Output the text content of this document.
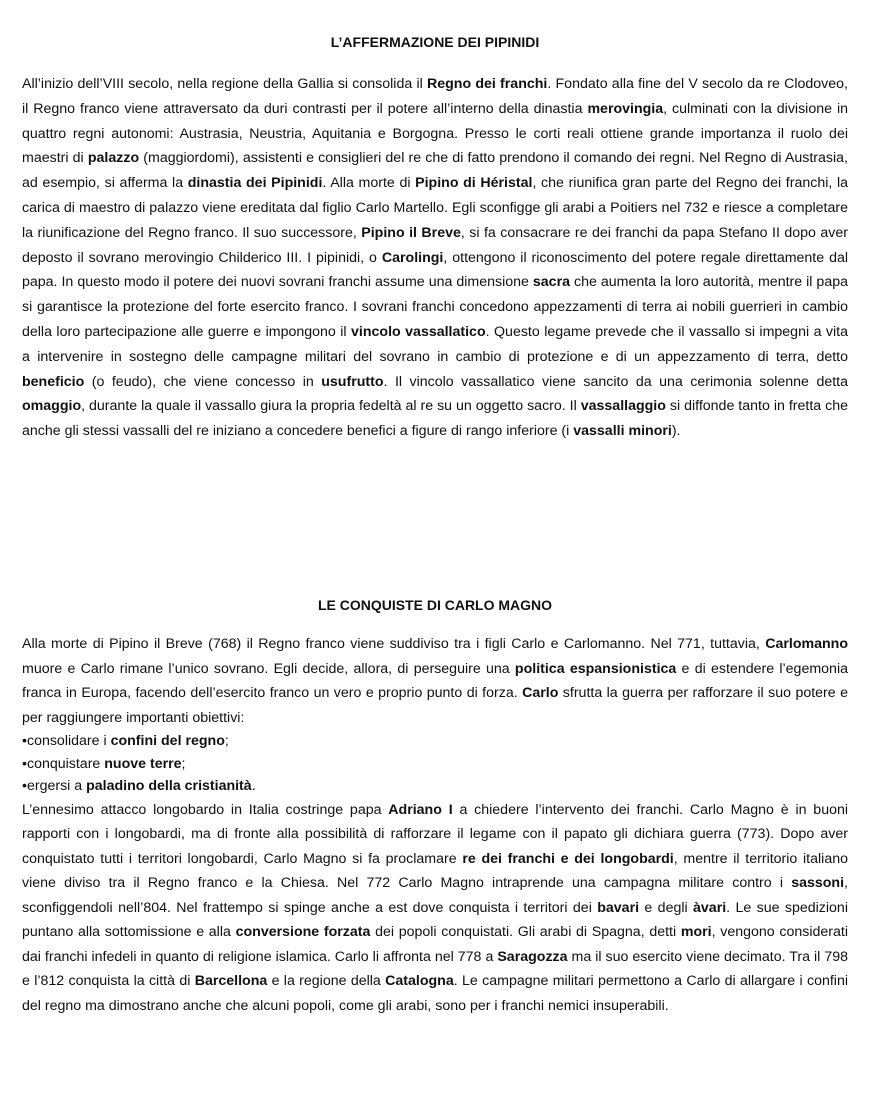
L’AFFERMAZIONE DEI PIPINIDI

All’inizio dell’VIII secolo, nella regione della Gallia si consolida il Regno dei franchi. Fondato alla fine del V secolo da re Clodoveo, il Regno franco viene attraversato da duri contrasti per il potere all’interno della dinastia merovingia, culminati con la divisione in quattro regni autonomi: Austrasia, Neustria, Aquitania e Borgogna. Presso le corti reali ottiene grande importanza il ruolo dei maestri di palazzo (maggiordomi), assistenti e consiglieri del re che di fatto prendono il comando dei regni. Nel Regno di Austrasia, ad esempio, si afferma la dinastia dei Pipinidi. Alla morte di Pipino di Héristal, che riunifica gran parte del Regno dei franchi, la carica di maestro di palazzo viene ereditata dal figlio Carlo Martello. Egli sconfigge gli arabi a Poitiers nel 732 e riesce a completare la riunificazione del Regno franco. Il suo successore, Pipino il Breve, si fa consacrare re dei franchi da papa Stefano II dopo aver deposto il sovrano merovingio Childerico III. I pipinidi, o Carolingi, ottengono il riconoscimento del potere regale direttamente dal papa. In questo modo il potere dei nuovi sovrani franchi assume una dimensione sacra che aumenta la loro autorità, mentre il papa si garantisce la protezione del forte esercito franco. I sovrani franchi concedono appezzamenti di terra ai nobili guerrieri in cambio della loro partecipazione alle guerre e impongono il vincolo vassallatico. Questo legame prevede che il vassallo si impegni a vita a intervenire in sostegno delle campagne militari del sovrano in cambio di protezione e di un appezzamento di terra, detto beneficio (o feudo), che viene concesso in usufrutto. Il vincolo vassallatico viene sancito da una cerimonia solenne detta omaggio, durante la quale il vassallo giura la propria fedeltà al re su un oggetto sacro. Il vassallaggio si diffonde tanto in fretta che anche gli stessi vassalli del re iniziano a concedere benefici a figure di rango inferiore (i vassalli minori).

LE CONQUISTE DI CARLO MAGNO

Alla morte di Pipino il Breve (768) il Regno franco viene suddiviso tra i figli Carlo e Carlomanno. Nel 771, tuttavia, Carlomanno muore e Carlo rimane l’unico sovrano. Egli decide, allora, di perseguire una politica espansionistica e di estendere l’egemonia franca in Europa, facendo dell’esercito franco un vero e proprio punto di forza. Carlo sfrutta la guerra per rafforzare il suo potere e per raggiungere importanti obiettivi:

•consolidare i confini del regno;
•conquistare nuove terre;
•ergersi a paladino della cristianità.

L’ennesimo attacco longobardo in Italia costringe papa Adriano I a chiedere l’intervento dei franchi. Carlo Magno è in buoni rapporti con i longobardi, ma di fronte alla possibilità di rafforzare il legame con il papato gli dichiara guerra (773). Dopo aver conquistato tutti i territori longobardi, Carlo Magno si fa proclamare re dei franchi e dei longobardi, mentre il territorio italiano viene diviso tra il Regno franco e la Chiesa. Nel 772 Carlo Magno intraprende una campagna militare contro i sassoni, sconfiggendoli nell’804. Nel frattempo si spinge anche a est dove conquista i territori dei bavari e degli àvari. Le sue spedizioni puntano alla sottomissione e alla conversione forzata dei popoli conquistati. Gli arabi di Spagna, detti mori, vengono considerati dai franchi infedeli in quanto di religione islamica. Carlo li affronta nel 778 a Saragozza ma il suo esercito viene decimato. Tra il 798 e l’812 conquista la città di Barcellona e la regione della Catalogna. Le campagne militari permettono a Carlo di allargare i confini del regno ma dimostrano anche che alcuni popoli, come gli arabi, sono per i franchi nemici insuperabili.
